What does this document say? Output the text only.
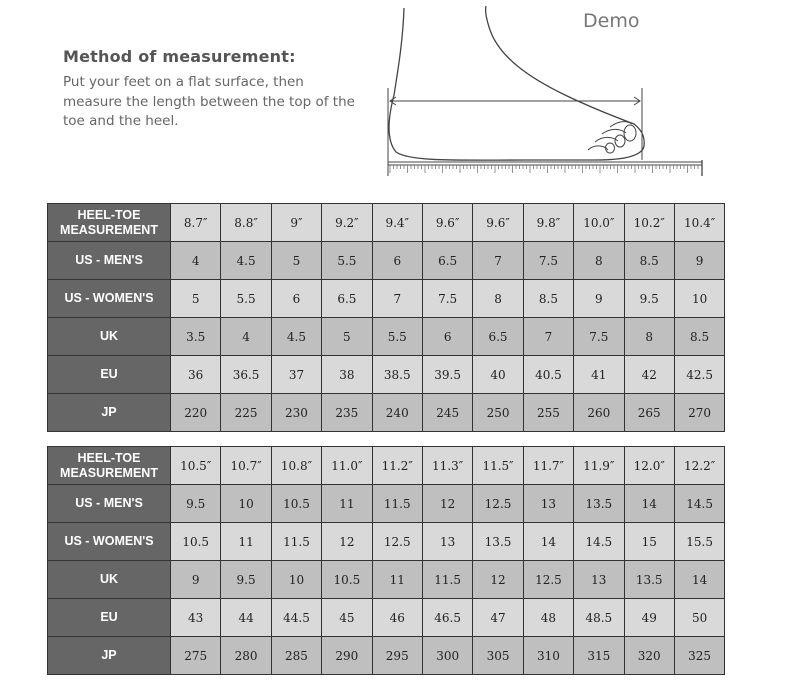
Method of measurement:
Put your feet on a flat surface, then measure the length between the top of the toe and the heel.
Demo
HEEL-TOE
MEASUREMENT	8.7″	8.8″	9″	9.2″	9.4″	9.6″	9.6″	9.8″	10.0″	10.2″	10.4″
US - MEN'S	4	4.5	5	5.5	6	6.5	7	7.5	8	8.5	9
US - WOMEN'S	5	5.5	6	6.5	7	7.5	8	8.5	9	9.5	10
UK	3.5	4	4.5	5	5.5	6	6.5	7	7.5	8	8.5
EU	36	36.5	37	38	38.5	39.5	40	40.5	41	42	42.5
JP	220	225	230	235	240	245	250	255	260	265	270
HEEL-TOE
MEASUREMENT	10.5″	10.7″	10.8″	11.0″	11.2″	11.3″	11.5″	11.7″	11.9″	12.0″	12.2″
US - MEN'S	9.5	10	10.5	11	11.5	12	12.5	13	13.5	14	14.5
US - WOMEN'S	10.5	11	11.5	12	12.5	13	13.5	14	14.5	15	15.5
UK	9	9.5	10	10.5	11	11.5	12	12.5	13	13.5	14
EU	43	44	44.5	45	46	46.5	47	48	48.5	49	50
JP	275	280	285	290	295	300	305	310	315	320	325
